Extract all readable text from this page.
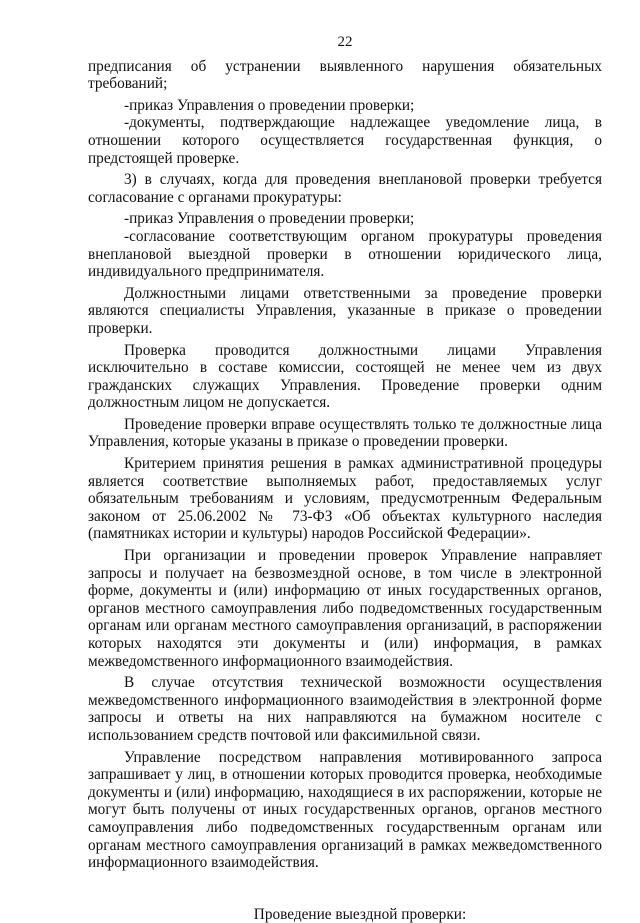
22

предписания об устранении выявленного нарушения обязательных требований;

-приказ Управления о проведении проверки;

-документы, подтверждающие надлежащее уведомление лица, в отношении которого осуществляется государственная функция, о предстоящей проверке.

3) в случаях, когда для проведения внеплановой проверки требуется согласование с органами прокуратуры:

-приказ Управления о проведении проверки;

-согласование соответствующим органом прокуратуры проведения внеплановой выездной проверки в отношении юридического лица, индивидуального предпринимателя.

Должностными лицами ответственными за проведение проверки являются специалисты Управления, указанные в приказе о проведении проверки.

Проверка проводится должностными лицами Управления исключительно в составе комиссии, состоящей не менее чем из двух гражданских служащих Управления. Проведение проверки одним должностным лицом не допускается.

Проведение проверки вправе осуществлять только те должностные лица Управления, которые указаны в приказе о проведении проверки.

Критерием принятия решения в рамках административной процедуры является соответствие выполняемых работ, предоставляемых услуг обязательным требованиям и условиям, предусмотренным Федеральным законом от 25.06.2002 № 73-ФЗ «Об объектах культурного наследия (памятниках истории и культуры) народов Российской Федерации».

При организации и проведении проверок Управление направляет запросы и получает на безвозмездной основе, в том числе в электронной форме, документы и (или) информацию от иных государственных органов, органов местного самоуправления либо подведомственных государственным органам или органам местного самоуправления организаций, в распоряжении которых находятся эти документы и (или) информация, в рамках межведомственного информационного взаимодействия.

В случае отсутствия технической возможности осуществления межведомственного информационного взаимодействия в электронной форме запросы и ответы на них направляются на бумажном носителе с использованием средств почтовой или факсимильной связи.

Управление посредством направления мотивированного запроса запрашивает у лиц, в отношении которых проводится проверка, необходимые документы и (или) информацию, находящиеся в их распоряжении, которые не могут быть получены от иных государственных органов, органов местного самоуправления либо подведомственных государственным органам или органам местного самоуправления организаций в рамках межведомственного информационного взаимодействия.

Проведение выездной проверки:
